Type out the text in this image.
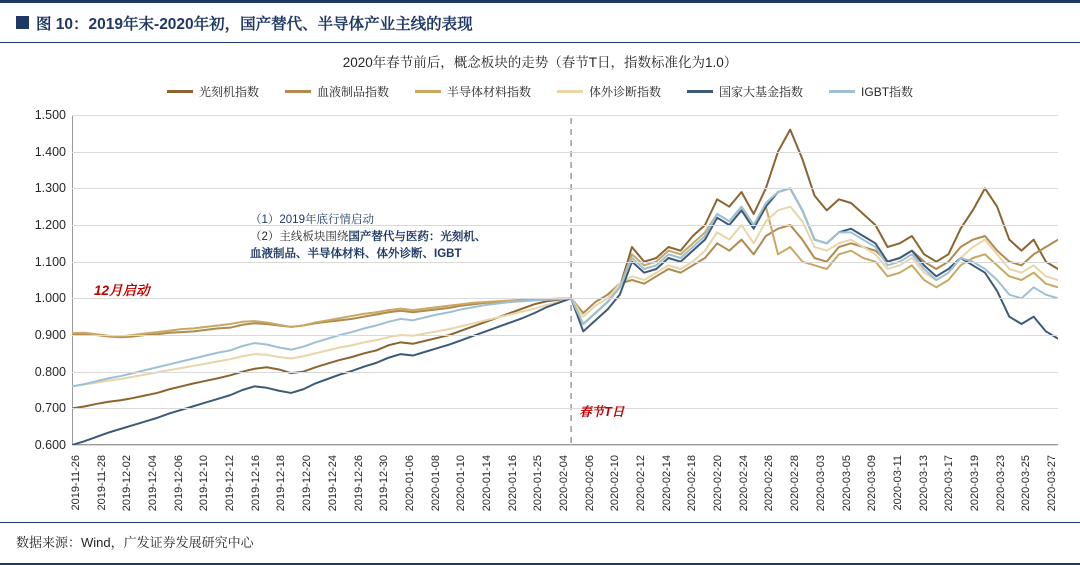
图 10：2019年末-2020年初，国产替代、半导体产业主线的表现
2020年春节前后，概念板块的走势（春节T日，指数标准化为1.0）
光刻机指数	血液制品指数	半导体材料指数	体外诊断指数	国家大基金指数	IGBT指数
0.600
0.700
0.800
0.900
1.000
1.100
1.200
1.300
1.400
1.500
12月启动
春节T日
（1）2019年底行情启动
（2）主线板块围绕国产替代与医药：光刻机、
血液制品、半导体材料、体外诊断、IGBT
2019-11-26 2019-11-28 2019-12-02 2019-12-04 2019-12-06 2019-12-10 2019-12-12 2019-12-16 2019-12-18 2019-12-20 2019-12-24 2019-12-26 2019-12-30 2020-01-06 2020-01-08 2020-01-10 2020-01-14 2020-01-16 2020-01-25 2020-02-04 2020-02-06 2020-02-10 2020-02-12 2020-02-14 2020-02-18 2020-02-20 2020-02-24 2020-02-26 2020-02-28 2020-03-03 2020-03-05 2020-03-09 2020-03-11 2020-03-13 2020-03-17 2020-03-19 2020-03-23 2020-03-25 2020-03-27
数据来源：Wind，广发证券发展研究中心
